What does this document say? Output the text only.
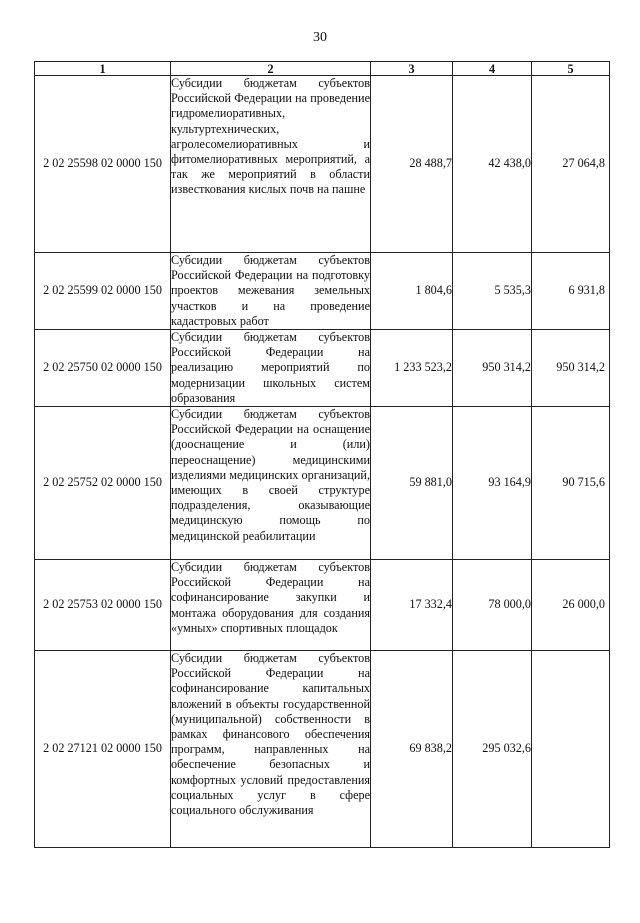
30
1	2	3	4	5
2 02 25598 02 0000 150	Субсидии бюджетам субъектов Российской Федерации на проведение гидромелиоративных, культуртехнических, агролесомелиоративных и фитомелиоративных мероприятий, а так же мероприятий в области известкования кислых почв на пашне	28 488,7	42 438,0	27 064,8
2 02 25599 02 0000 150	Субсидии бюджетам субъектов Российской Федерации на подготовку проектов межевания земельных участков и на проведение кадастровых работ	1 804,6	5 535,3	6 931,8
2 02 25750 02 0000 150	Субсидии бюджетам субъектов Российской Федерации на реализацию мероприятий по модернизации школьных систем образования	1 233 523,2	950 314,2	950 314,2
2 02 25752 02 0000 150	Субсидии бюджетам субъектов Российской Федерации на оснащение (дооснащение и (или) переоснащение) медицинскими изделиями медицинских организаций, имеющих в своей структуре подразделения, оказывающие медицинскую помощь по медицинской реабилитации	59 881,0	93 164,9	90 715,6
2 02 25753 02 0000 150	Субсидии бюджетам субъектов Российской Федерации на софинансирование закупки и монтажа оборудования для создания «умных» спортивных площадок	17 332,4	78 000,0	26 000,0
2 02 27121 02 0000 150	Субсидии бюджетам субъектов Российской Федерации на софинансирование капитальных вложений в объекты государственной (муниципальной) собственности в рамках финансового обеспечения программ, направленных на обеспечение безопасных и комфортных условий предоставления социальных услуг в сфере социального обслуживания	69 838,2	295 032,6	
